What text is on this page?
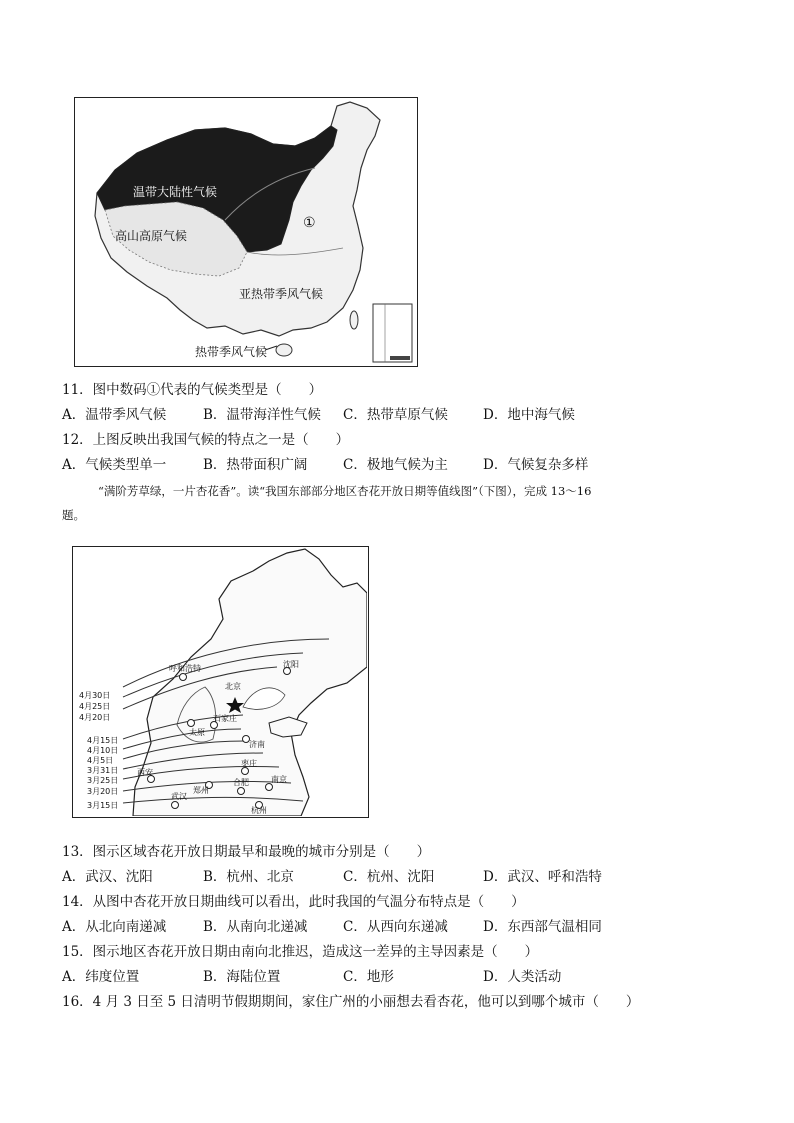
温带大陆性气候
高山高原气候
①
亚热带季风气候
热带季风气候
11．图中数码①代表的气候类型是（　　）
A．温带季风气候	B．温带海洋性气候 C．热带草原气候	D．地中海气候
12．上图反映出我国气候的特点之一是（　　）
A．气候类型单一	B．热带面积广阔	C．极地气候为主	D．气候复杂多样
“满阶芳草绿，一片杏花香”。读“我国东部部分地区杏花开放日期等值线图”（下图），完成 13～16
题。
4月30日
4月25日
4月20日
4月15日
4月10日
4月5日
3月31日
3月25日
3月20日
3月15日
呼和浩特
北京
沈阳
石家庄
太原
济南
西安
枣庄
郑州
合肥	南京
武汉
杭州
13．图示区域杏花开放日期最早和最晚的城市分别是（　　）
A．武汉、沈阳	B．杭州、北京	C．杭州、沈阳	D．武汉、呼和浩特
14．从图中杏花开放日期曲线可以看出，此时我国的气温分布特点是（　　）
A．从北向南递减	B．从南向北递减	C．从西向东递减	D．东西部气温相同
15．图示地区杏花开放日期由南向北推迟，造成这一差异的主导因素是（　　）
A．纬度位置	B．海陆位置	C．地形	D．人类活动
16．4 月 3 日至 5 日清明节假期期间，家住广州的小丽想去看杏花，他可以到哪个城市（　　）
